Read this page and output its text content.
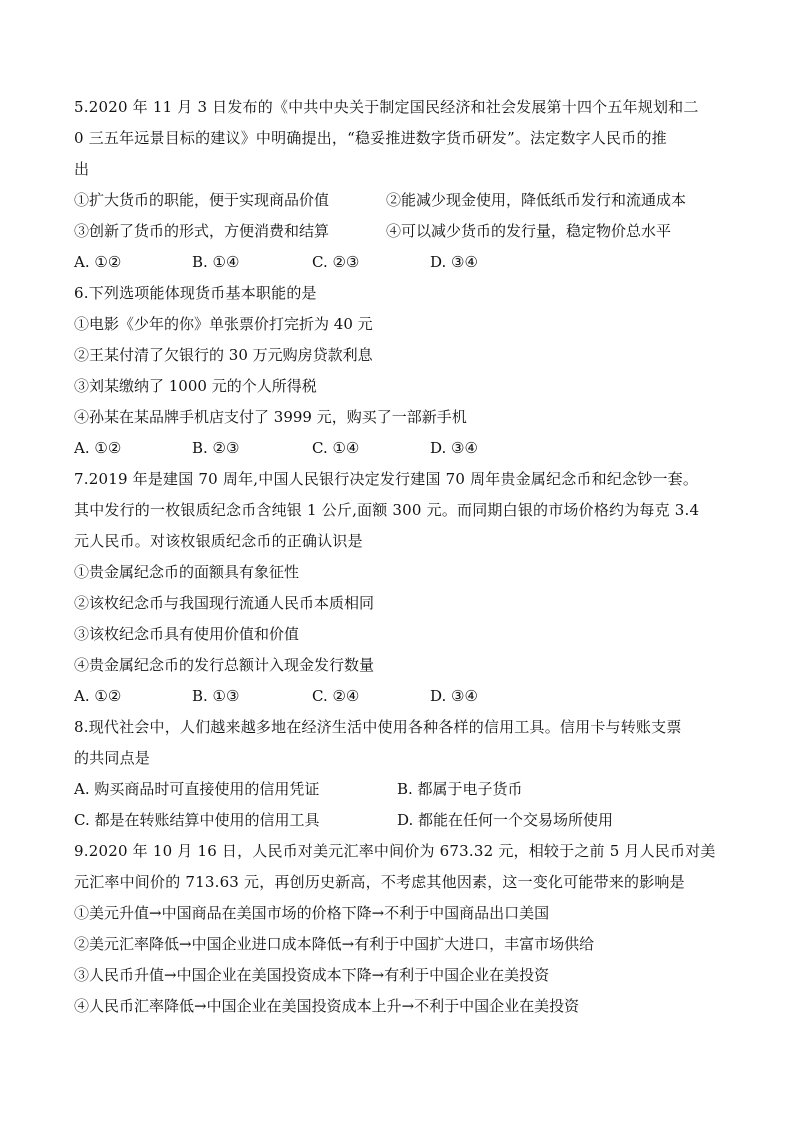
5.2020 年 11 月 3 日发布的《中共中央关于制定国民经济和社会发展第十四个五年规划和二
0 三五年远景目标的建议》中明确提出，“稳妥推进数字货币研发”。法定数字人民币的推
出
①扩大货币的职能，便于实现商品价值	②能减少现金使用，降低纸币发行和流通成本
③创新了货币的形式，方便消费和结算	④可以减少货币的发行量，稳定物价总水平
A. ①②	B. ①④	C. ②③	D. ③④
6.下列选项能体现货币基本职能的是
①电影《少年的你》单张票价打完折为 40 元
②王某付清了欠银行的 30 万元购房贷款利息
③刘某缴纳了 1000 元的个人所得税
④孙某在某品牌手机店支付了 3999 元，购买了一部新手机
A. ①②	B. ②③	C. ①④	D. ③④
7.2019 年是建国 70 周年,中国人民银行决定发行建国 70 周年贵金属纪念币和纪念钞一套。
其中发行的一枚银质纪念币含纯银 1 公斤,面额 300 元。而同期白银的市场价格约为每克 3.4
元人民币。对该枚银质纪念币的正确认识是
①贵金属纪念币的面额具有象征性
②该枚纪念币与我国现行流通人民币本质相同
③该枚纪念币具有使用价值和价值
④贵金属纪念币的发行总额计入现金发行数量
A. ①②	B. ①③	C. ②④	D. ③④
8.现代社会中，人们越来越多地在经济生活中使用各种各样的信用工具。信用卡与转账支票
的共同点是
A. 购买商品时可直接使用的信用凭证	B. 都属于电子货币
C. 都是在转账结算中使用的信用工具	D. 都能在任何一个交易场所使用
9.2020 年 10 月 16 日，人民币对美元汇率中间价为 673.32 元，相较于之前 5 月人民币对美
元汇率中间价的 713.63 元，再创历史新高，不考虑其他因素，这一变化可能带来的影响是
①美元升值→中国商品在美国市场的价格下降→不利于中国商品出口美国
②美元汇率降低→中国企业进口成本降低→有利于中国扩大进口，丰富市场供给
③人民币升值→中国企业在美国投资成本下降→有利于中国企业在美投资
④人民币汇率降低→中国企业在美国投资成本上升→不利于中国企业在美投资
